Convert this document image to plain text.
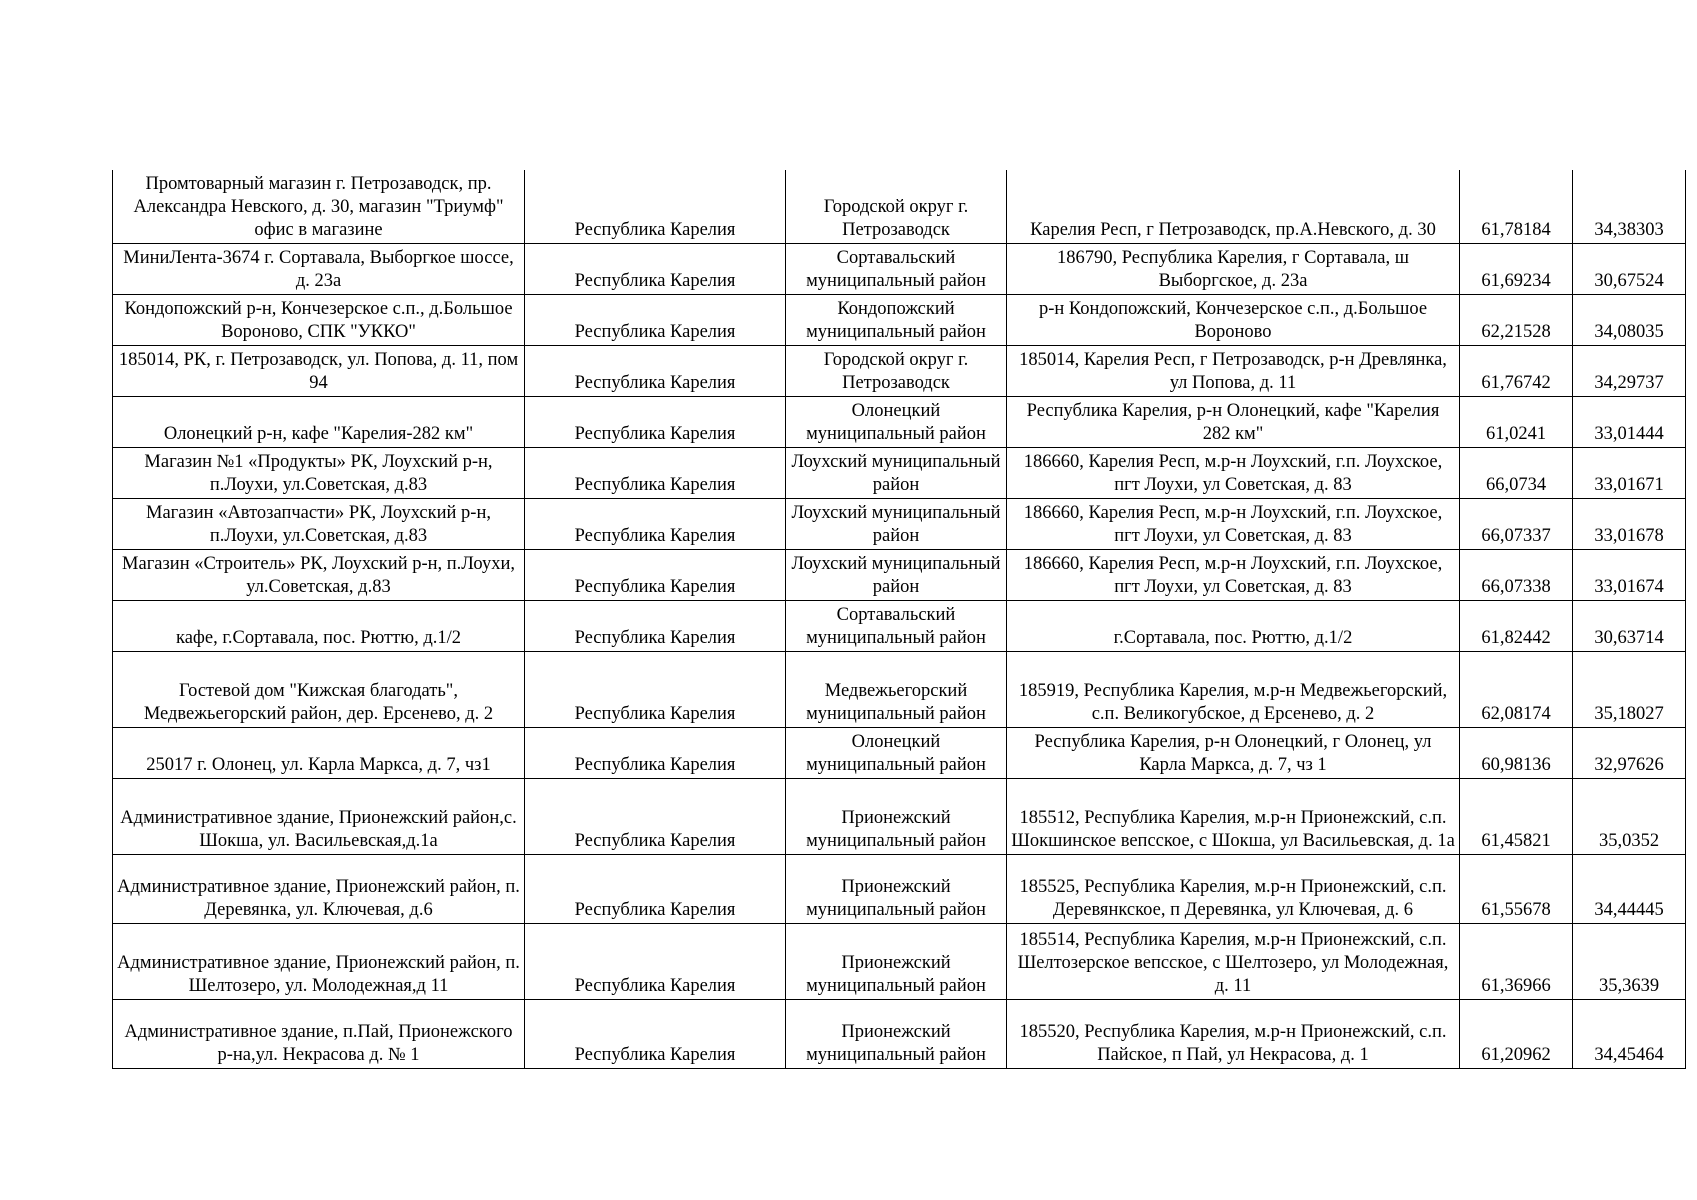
Промтоварный магазин г. Петрозаводск, пр. Александра Невского, д. 30, магазин "Триумф" офис в магазине	Республика Карелия	Городской округ г. Петрозаводск	Карелия Респ, г Петрозаводск, пр.А.Невского, д. 30	61,78184	34,38303
МиниЛента-3674 г. Сортавала, Выборгкое шоссе, д. 23а	Республика Карелия	Сортавальский муниципальный район	186790, Республика Карелия, г Сортавала, ш Выборгское, д. 23а	61,69234	30,67524
Кондопожский р-н, Кончезерское с.п., д.Большое Вороново, СПК "УККО"	Республика Карелия	Кондопожский муниципальный район	р-н Кондопожский, Кончезерское с.п., д.Большое Вороново	62,21528	34,08035
185014, РК, г. Петрозаводск, ул. Попова, д. 11, пом 94	Республика Карелия	Городской округ г. Петрозаводск	185014, Карелия Респ, г Петрозаводск, р-н Древлянка, ул Попова, д. 11	61,76742	34,29737
Олонецкий р-н, кафе "Карелия-282 км"	Республика Карелия	Олонецкий муниципальный район	Республика Карелия, р-н Олонецкий, кафе "Карелия 282 км"	61,0241	33,01444
Магазин №1 «Продукты» РК, Лоухский р-н, п.Лоухи, ул.Советская, д.83	Республика Карелия	Лоухский муниципальный район	186660, Карелия Респ, м.р-н Лоухский, г.п. Лоухское, пгт Лоухи, ул Советская, д. 83	66,0734	33,01671
Магазин «Автозапчасти» РК, Лоухский р-н, п.Лоухи, ул.Советская, д.83	Республика Карелия	Лоухский муниципальный район	186660, Карелия Респ, м.р-н Лоухский, г.п. Лоухское, пгт Лоухи, ул Советская, д. 83	66,07337	33,01678
Магазин «Строитель» РК, Лоухский р-н, п.Лоухи, ул.Советская, д.83	Республика Карелия	Лоухский муниципальный район	186660, Карелия Респ, м.р-н Лоухский, г.п. Лоухское, пгт Лоухи, ул Советская, д. 83	66,07338	33,01674
кафе, г.Сортавала, пос. Рюттю, д.1/2	Республика Карелия	Сортавальский муниципальный район	г.Сортавала, пос. Рюттю, д.1/2	61,82442	30,63714
Гостевой дом "Кижская благодать", Медвежьегорский район, дер. Ерсенево, д. 2	Республика Карелия	Медвежьегорский муниципальный район	185919, Республика Карелия, м.р-н Медвежьегорский, с.п. Великогубское, д Ерсенево, д. 2	62,08174	35,18027
25017 г. Олонец, ул. Карла Маркса, д. 7, чз1	Республика Карелия	Олонецкий муниципальный район	Республика Карелия, р-н Олонецкий, г Олонец, ул Карла Маркса, д. 7, чз 1	60,98136	32,97626
Административное здание, Прионежский район,с. Шокша, ул. Васильевская,д.1а	Республика Карелия	Прионежский муниципальный район	185512, Республика Карелия, м.р-н Прионежский, с.п. Шокшинское вепсское, с Шокша, ул Васильевская, д. 1а	61,45821	35,0352
Административное здание, Прионежский район, п. Деревянка, ул. Ключевая, д.6	Республика Карелия	Прионежский муниципальный район	185525, Республика Карелия, м.р-н Прионежский, с.п. Деревянкское, п Деревянка, ул Ключевая, д. 6	61,55678	34,44445
Административное здание, Прионежский район, п. Шелтозеро, ул. Молодежная,д 11	Республика Карелия	Прионежский муниципальный район	185514, Республика Карелия, м.р-н Прионежский, с.п. Шелтозерское вепсское, с Шелтозеро, ул Молодежная, д. 11	61,36966	35,3639
Административное здание, п.Пай, Прионежского р-на,ул. Некрасова д. № 1	Республика Карелия	Прионежский муниципальный район	185520, Республика Карелия, м.р-н Прионежский, с.п. Пайское, п Пай, ул Некрасова, д. 1	61,20962	34,45464
